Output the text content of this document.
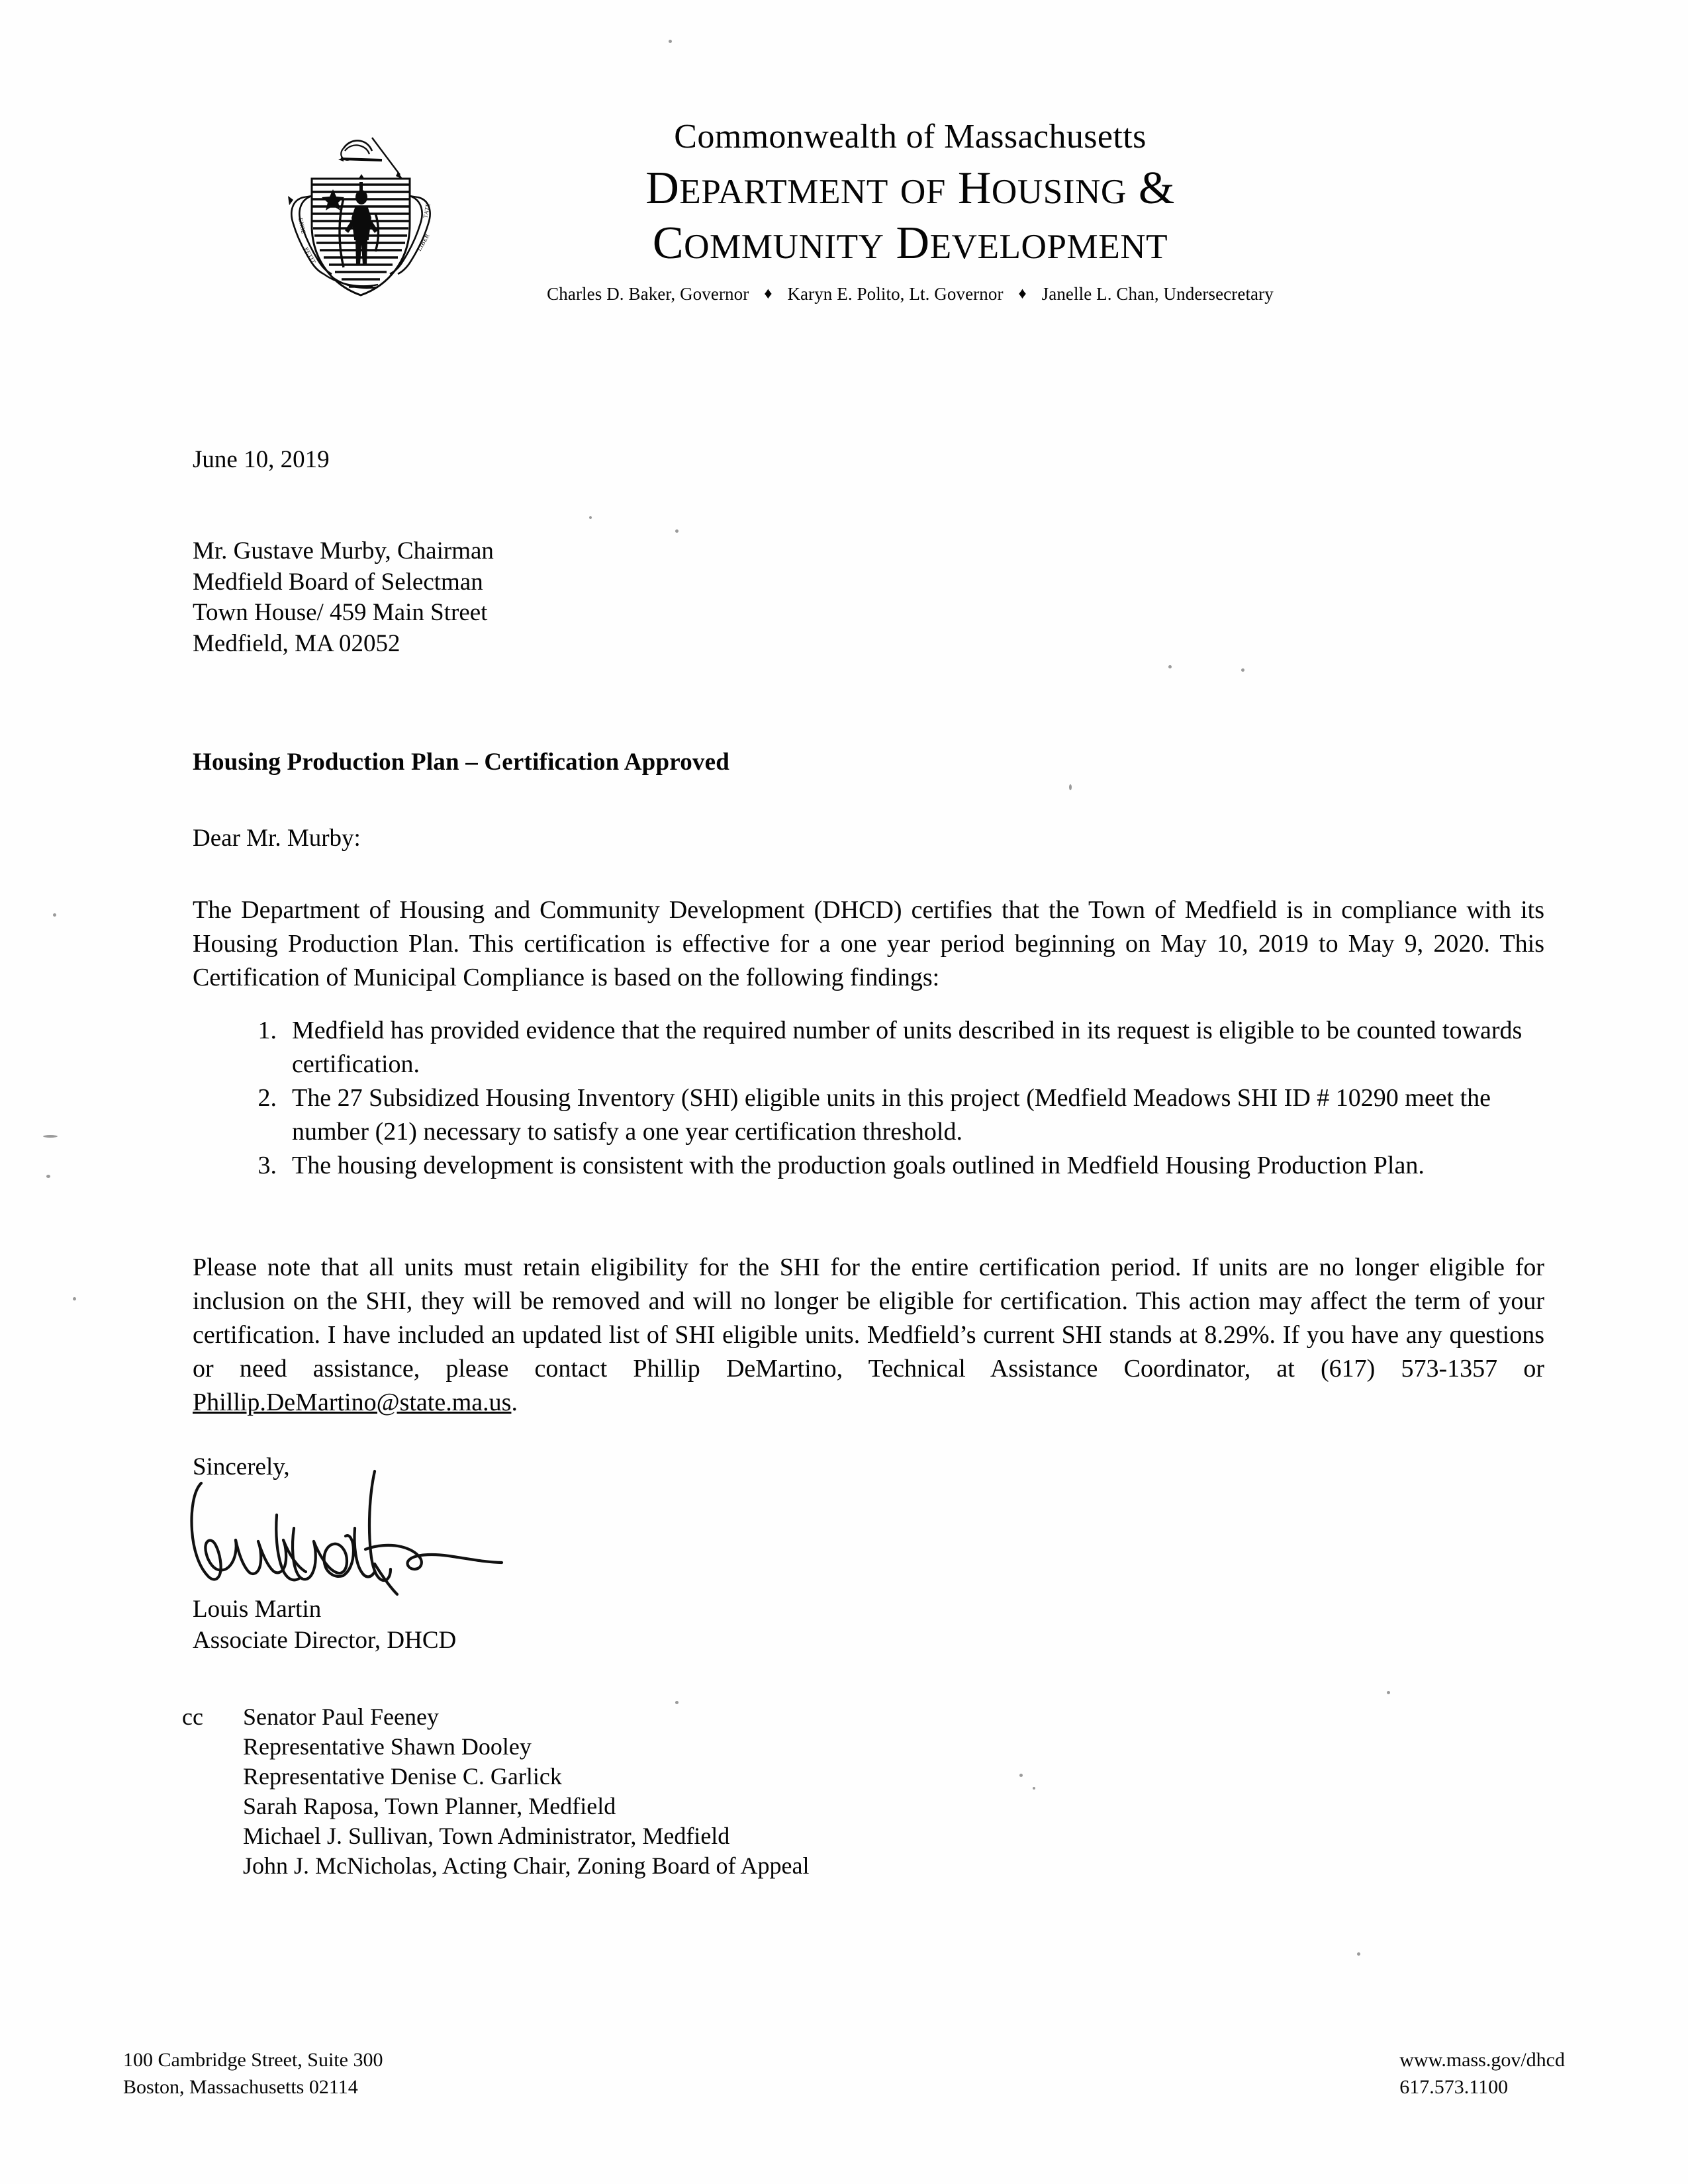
ENSE
PETIT
TATE
LIBER
Commonwealth of Massachusetts
DEPARTMENT OF HOUSING &
COMMUNITY DEVELOPMENT
Charles D. Baker, Governor ♦ Karyn E. Polito, Lt. Governor ♦ Janelle L. Chan, Undersecretary
June 10, 2019
Mr. Gustave Murby, Chairman
Medfield Board of Selectman
Town House/ 459 Main Street
Medfield, MA 02052
Housing Production Plan – Certification Approved
Dear Mr. Murby:
The Department of Housing and Community Development (DHCD) certifies that the Town of Medfield is in compliance with its Housing Production Plan. This certification is effective for a one year period beginning on May 10, 2019 to May 9, 2020. This Certification of Municipal Compliance is based on the following findings:
1. Medfield has provided evidence that the required number of units described in its request is eligible to be counted towards certification.
2. The 27 Subsidized Housing Inventory (SHI) eligible units in this project (Medfield Meadows SHI ID # 10290 meet the number (21) necessary to satisfy a one year certification threshold.
3. The housing development is consistent with the production goals outlined in Medfield Housing Production Plan.
Please note that all units must retain eligibility for the SHI for the entire certification period. If units are no longer eligible for inclusion on the SHI, they will be removed and will no longer be eligible for certification. This action may affect the term of your certification. I have included an updated list of SHI eligible units. Medfield’s current SHI stands at 8.29%. If you have any questions or need assistance, please contact Phillip DeMartino, Technical Assistance Coordinator, at (617) 573-1357 or Phillip.DeMartino@state.ma.us.
Sincerely,
Louis Martin
Associate Director, DHCD
cc	Senator Paul Feeney
Representative Shawn Dooley
Representative Denise C. Garlick
Sarah Raposa, Town Planner, Medfield
Michael J. Sullivan, Town Administrator, Medfield
John J. McNicholas, Acting Chair, Zoning Board of Appeal
100 Cambridge Street, Suite 300
Boston, Massachusetts 02114
www.mass.gov/dhcd
617.573.1100
